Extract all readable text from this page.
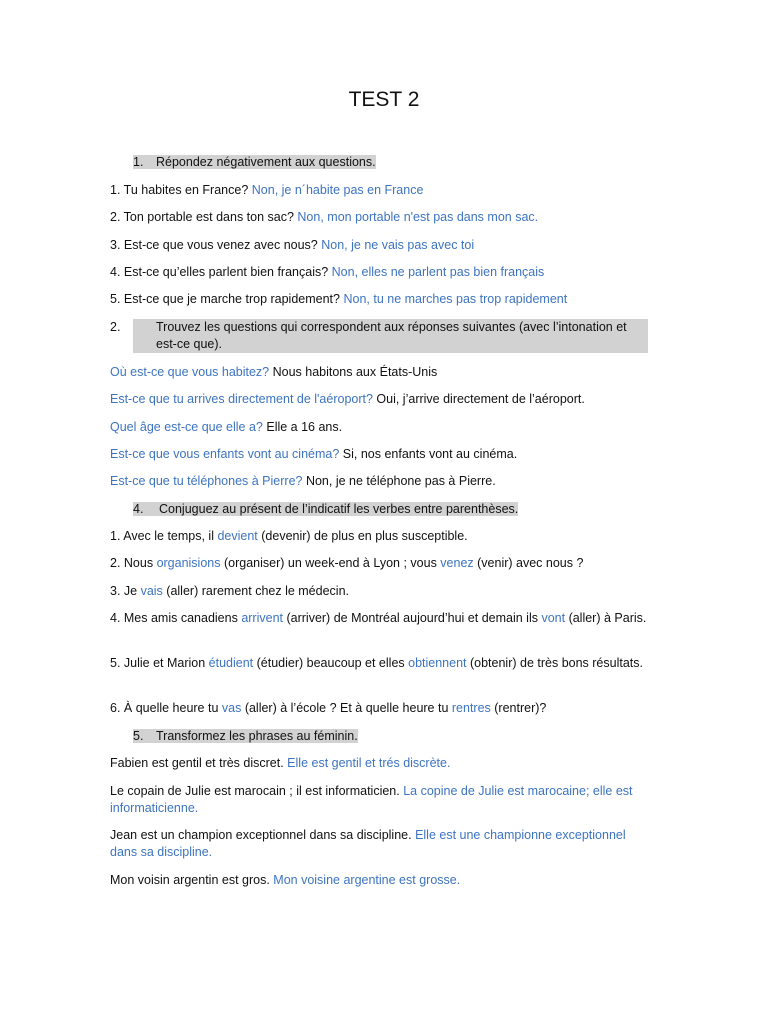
TEST 2
1. Répondez négativement aux questions.
1. Tu habites en France? Non, je n´habite pas en France
2. Ton portable est dans ton sac? Non, mon portable n'est pas dans mon sac.
3. Est-ce que vous venez avec nous? Non, je ne vais pas avec toi
4. Est-ce qu’elles parlent bien français? Non, elles ne parlent pas bien français
5. Est-ce que je marche trop rapidement? Non, tu ne marches pas trop rapidement
2.	Trouvez les questions qui correspondent aux réponses suivantes (avec l’intonation et est-ce que).
Où est-ce que vous habitez? Nous habitons aux États-Unis
Est-ce que tu arrives directement de l'aéroport? Oui, j’arrive directement de l’aéroport.
Quel âge est-ce que elle a? Elle a 16 ans.
Est-ce que vous enfants vont au cinéma? Si, nos enfants vont au cinéma.
Est-ce que tu téléphones à Pierre? Non, je ne téléphone pas à Pierre.
4. Conjuguez au présent de l’indicatif les verbes entre parenthèses.
1. Avec le temps, il devient (devenir) de plus en plus susceptible.
2. Nous organisions (organiser) un week-end à Lyon ; vous venez (venir) avec nous ?
3. Je vais (aller) rarement chez le médecin.
4. Mes amis canadiens arrivent (arriver) de Montréal aujourd’hui et demain ils vont (aller) à Paris.
5. Julie et Marion étudient (étudier) beaucoup et elles obtiennent (obtenir) de très bons résultats.
6. À quelle heure tu vas (aller) à l’école ? Et à quelle heure tu rentres (rentrer)?
5. Transformez les phrases au féminin.
Fabien est gentil et très discret. Elle est gentil et trés discrète.
Le copain de Julie est marocain ; il est informaticien. La copine de Julie est marocaine; elle est informaticienne.
Jean est un champion exceptionnel dans sa discipline. Elle est une championne exceptionnel dans sa discipline.
Mon voisin argentin est gros. Mon voisine argentine est grosse.
